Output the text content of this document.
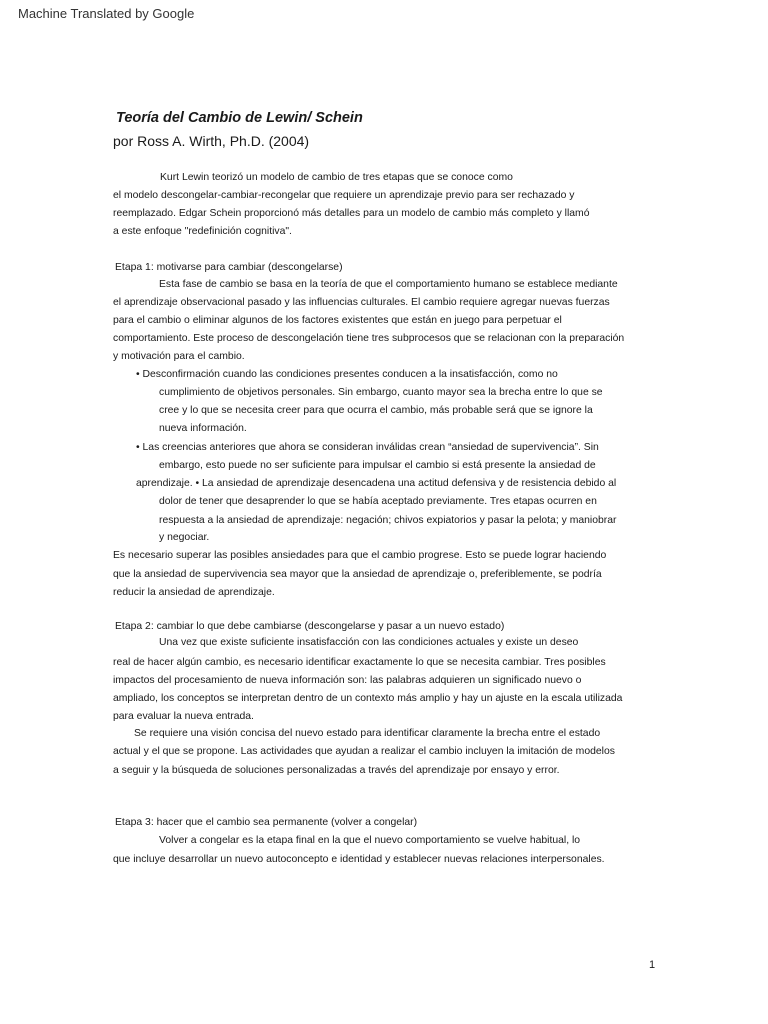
Machine Translated by Google
Teoría del Cambio de Lewin/ Schein
por Ross A. Wirth, Ph.D. (2004)
Kurt Lewin teorizó un modelo de cambio de tres etapas que se conoce como
el modelo descongelar-cambiar-recongelar que requiere un aprendizaje previo para ser rechazado y
reemplazado. Edgar Schein proporcionó más detalles para un modelo de cambio más completo y llamó
a este enfoque "redefinición cognitiva".
Etapa 1: motivarse para cambiar (descongelarse)
Esta fase de cambio se basa en la teoría de que el comportamiento humano se establece mediante
el aprendizaje observacional pasado y las influencias culturales. El cambio requiere agregar nuevas fuerzas
para el cambio o eliminar algunos de los factores existentes que están en juego para perpetuar el
comportamiento. Este proceso de descongelación tiene tres subprocesos que se relacionan con la preparación
y motivación para el cambio.
• Desconfirmación cuando las condiciones presentes conducen a la insatisfacción, como no
cumplimiento de objetivos personales. Sin embargo, cuanto mayor sea la brecha entre lo que se
cree y lo que se necesita creer para que ocurra el cambio, más probable será que se ignore la
nueva información.
• Las creencias anteriores que ahora se consideran inválidas crean “ansiedad de supervivencia”. Sin
embargo, esto puede no ser suficiente para impulsar el cambio si está presente la ansiedad de
aprendizaje. • La ansiedad de aprendizaje desencadena una actitud defensiva y de resistencia debido al
dolor de tener que desaprender lo que se había aceptado previamente. Tres etapas ocurren en
respuesta a la ansiedad de aprendizaje: negación; chivos expiatorios y pasar la pelota; y maniobrar
y negociar.
Es necesario superar las posibles ansiedades para que el cambio progrese. Esto se puede lograr haciendo
que la ansiedad de supervivencia sea mayor que la ansiedad de aprendizaje o, preferiblemente, se podría
reducir la ansiedad de aprendizaje.
Etapa 2: cambiar lo que debe cambiarse (descongelarse y pasar a un nuevo estado)
Una vez que existe suficiente insatisfacción con las condiciones actuales y existe un deseo
real de hacer algún cambio, es necesario identificar exactamente lo que se necesita cambiar. Tres posibles
impactos del procesamiento de nueva información son: las palabras adquieren un significado nuevo o
ampliado, los conceptos se interpretan dentro de un contexto más amplio y hay un ajuste en la escala utilizada
para evaluar la nueva entrada.
Se requiere una visión concisa del nuevo estado para identificar claramente la brecha entre el estado
actual y el que se propone. Las actividades que ayudan a realizar el cambio incluyen la imitación de modelos
a seguir y la búsqueda de soluciones personalizadas a través del aprendizaje por ensayo y error.
Etapa 3: hacer que el cambio sea permanente (volver a congelar)
Volver a congelar es la etapa final en la que el nuevo comportamiento se vuelve habitual, lo
que incluye desarrollar un nuevo autoconcepto e identidad y establecer nuevas relaciones interpersonales.
1
